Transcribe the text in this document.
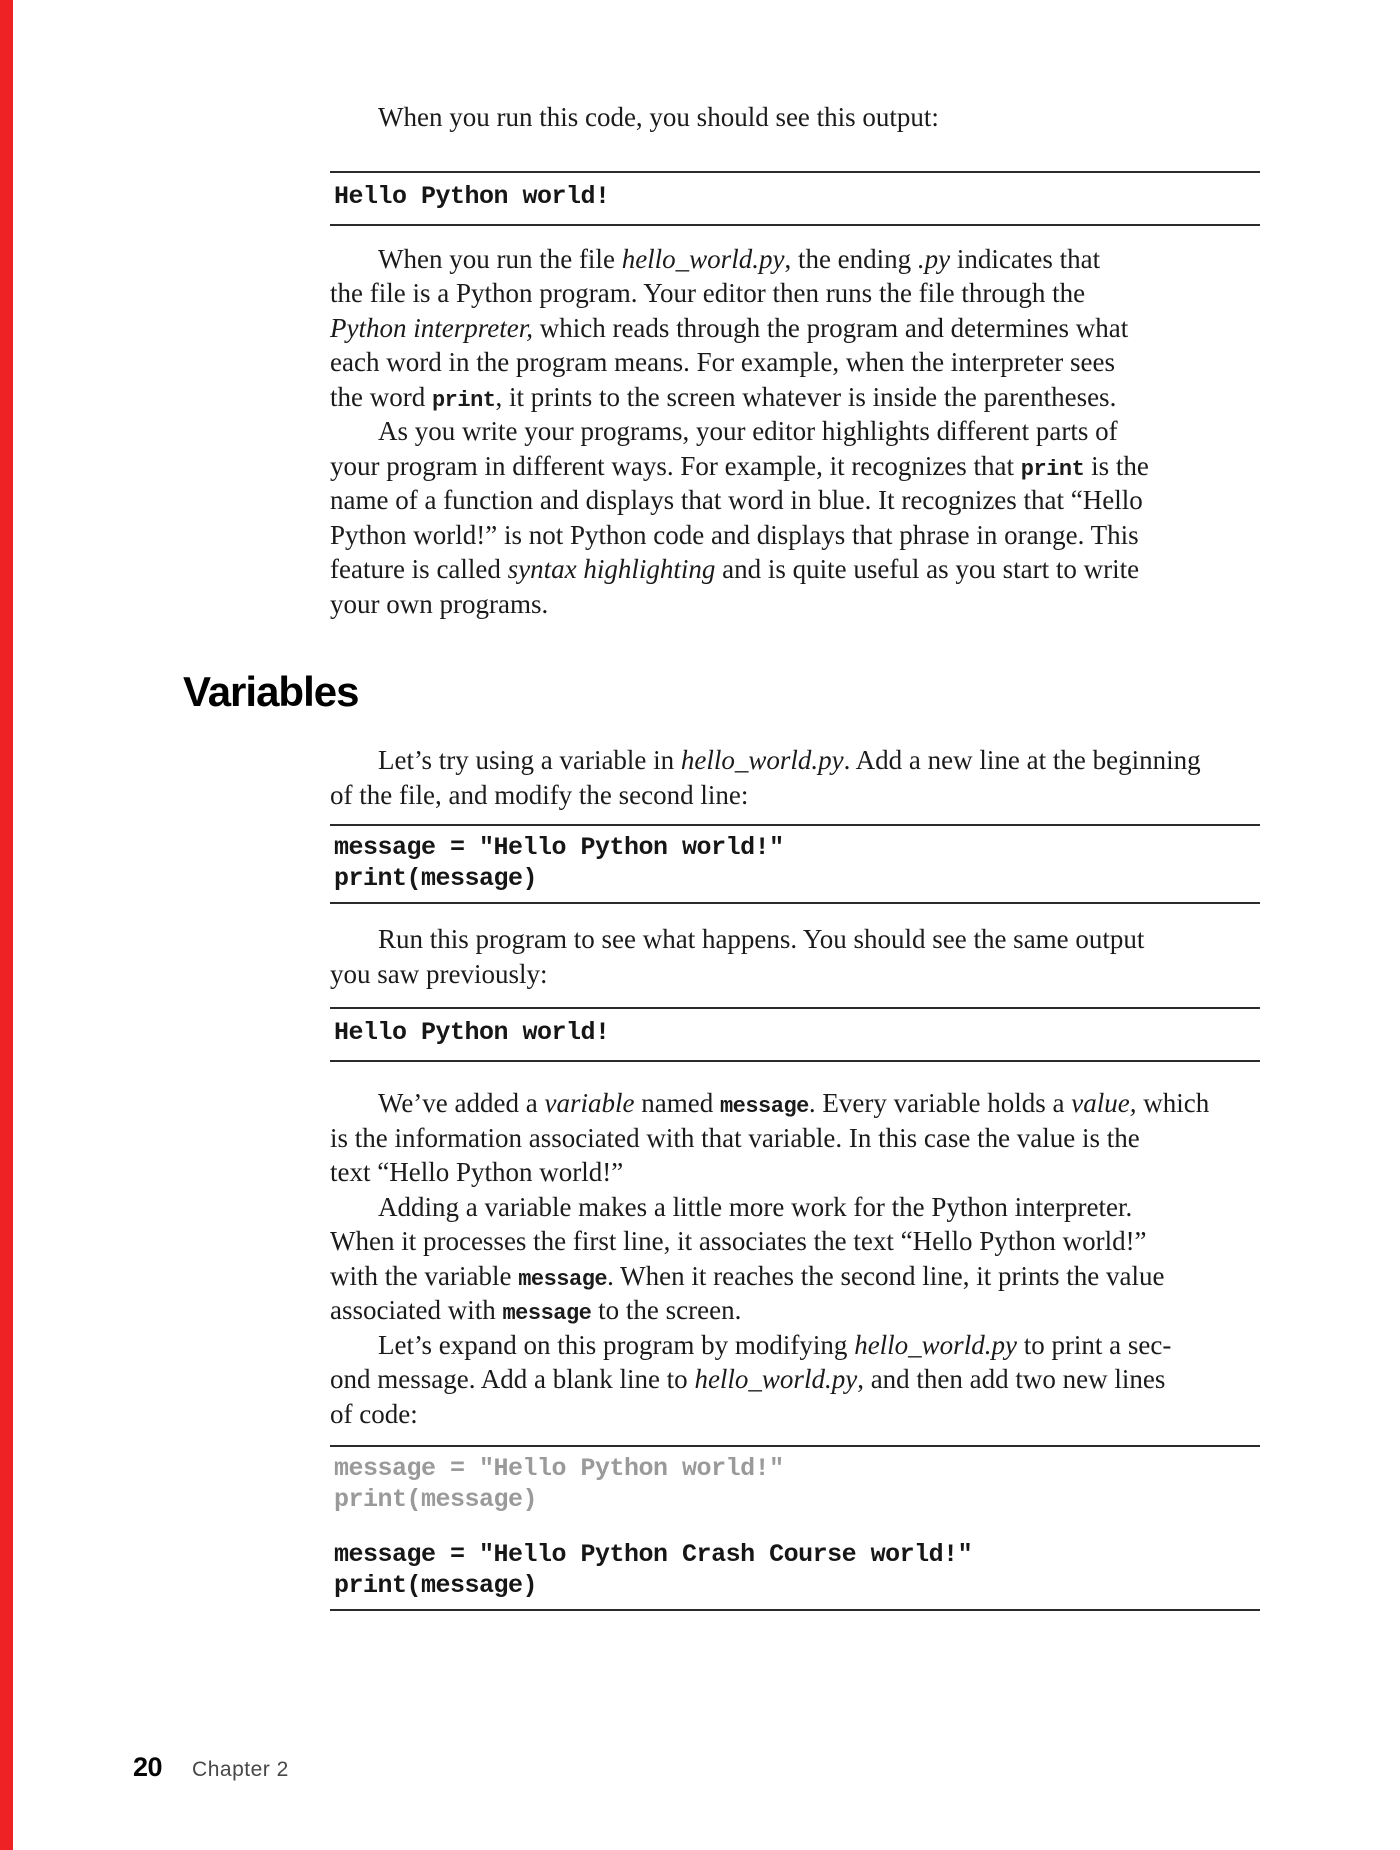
When you run this code, you should see this output:
Hello Python world!
When you run the file hello_world.py, the ending .py indicates that
the file is a Python program. Your editor then runs the file through the
Python interpreter, which reads through the program and determines what
each word in the program means. For example, when the interpreter sees
the word print, it prints to the screen whatever is inside the parentheses.
As you write your programs, your editor highlights different parts of
your program in different ways. For example, it recognizes that print is the
name of a function and displays that word in blue. It recognizes that “Hello
Python world!” is not Python code and displays that phrase in orange. This
feature is called syntax highlighting and is quite useful as you start to write
your own programs.
Variables
Let’s try using a variable in hello_world.py. Add a new line at the beginning
of the file, and modify the second line:
message = "Hello Python world!"
print(message)
Run this program to see what happens. You should see the same output
you saw previously:
Hello Python world!
We’ve added a variable named message. Every variable holds a value, which
is the information associated with that variable. In this case the value is the
text “Hello Python world!”
Adding a variable makes a little more work for the Python interpreter.
When it processes the first line, it associates the text “Hello Python world!”
with the variable message. When it reaches the second line, it prints the value
associated with message to the screen.
Let’s expand on this program by modifying hello_world.py to print a sec-
ond message. Add a blank line to hello_world.py, and then add two new lines
of code:
message = "Hello Python world!"
print(message)

message = "Hello Python Crash Course world!"
print(message)
20 Chapter 2
